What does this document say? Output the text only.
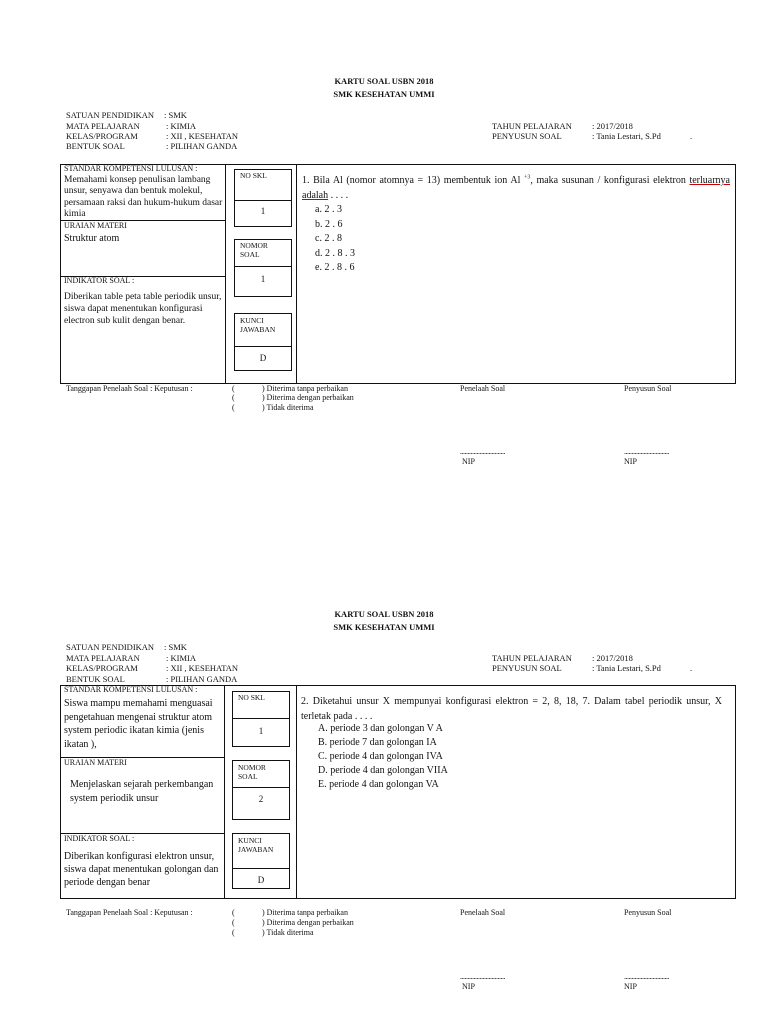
KARTU SOAL USBN 2018
SMK KESEHATAN UMMI
SATUAN PENDIDIKAN : SMK
MATA PELAJARAN	: KIMIA
KELAS/PROGRAM	: XII , KESEHATAN
BENTUK SOAL	: PILIHAN GANDA
TAHUN PELAJARAN : 2017/2018
PENYUSUN SOAL	: Tania Lestari, S.Pd	.
STANDAR KOMPETENSI LULUSAN :
Memahami konsep penulisan lambang unsur, senyawa dan bentuk molekul, persamaan raksi dan hukum-hukum dasar kimia
URAIAN MATERI
Struktur atom
INDIKATOR SOAL :
Diberikan table peta table periodik unsur, siswa dapat menentukan konfigurasi electron sub kulit dengan benar.
NO SKL
1
NOMOR SOAL
1
KUNCI JAWABAN
D
1. Bila Al (nomor atomnya = 13) membentuk ion Al $^{+3}$, maka susunan / konfigurasi elektron terluarnya adalah . . . .
a. 2 . 3
b. 2 . 6
c. 2 . 8
d. 2 . 8 . 3
e. 2 . 8 . 6
Tanggapan Penelaah Soal : Keputusan :	(	) Diterima tanpa perbaikan
(	) Diterima dengan perbaikan
(	) Tidak diterima
Penelaah Soal	Penyusun Soal
..............................	..............................
NIP	NIP
KARTU SOAL USBN 2018
SMK KESEHATAN UMMI
SATUAN PENDIDIKAN : SMK
MATA PELAJARAN	: KIMIA
KELAS/PROGRAM	: XII , KESEHATAN
BENTUK SOAL	: PILIHAN GANDA
TAHUN PELAJARAN : 2017/2018
PENYUSUN SOAL	: Tania Lestari, S.Pd	.
STANDAR KOMPETENSI LULUSAN :
Siswa mampu memahami menguasai pengetahuan mengenai struktur atom system periodic ikatan kimia (jenis ikatan ),
URAIAN MATERI
Menjelaskan sejarah perkembangan system periodik unsur
INDIKATOR SOAL :
Diberikan konfigurasi elektron unsur, siswa dapat menentukan golongan dan periode dengan benar
NO SKL
1
NOMOR SOAL
2
KUNCI JAWABAN
D
2. Diketahui unsur X mempunyai konfigurasi elektron = 2, 8, 18, 7. Dalam tabel periodik unsur, X terletak pada . . . .
A. periode 3 dan golongan V A
B. periode 7 dan golongan IA
C. periode 4 dan golongan IVA
D. periode 4 dan golongan VIIA
E. periode 4 dan golongan VA
Tanggapan Penelaah Soal : Keputusan :	(	) Diterima tanpa perbaikan
(	) Diterima dengan perbaikan
(	) Tidak diterima
Penelaah Soal	Penyusun Soal
..............................	..............................
NIP	NIP
